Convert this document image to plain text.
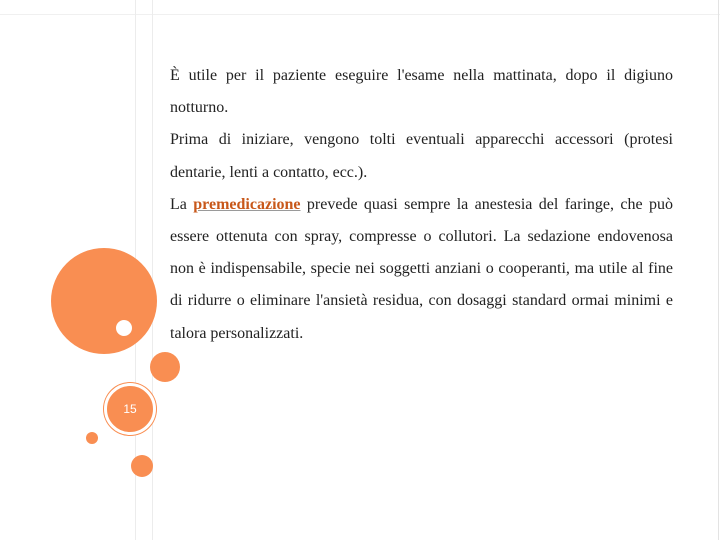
15

È utile per il paziente eseguire l'esame nella mattinata, dopo il digiuno notturno.

Prima di iniziare, vengono tolti eventuali apparecchi accessori (protesi dentarie, lenti a contatto, ecc.).

La premedicazione prevede quasi sempre la anestesia del faringe, che può essere ottenuta con spray, compresse o collutori. La sedazione endovenosa non è indispensabile, specie nei soggetti anziani o cooperanti, ma utile al fine di ridurre o eliminare l'ansietà residua, con dosaggi standard ormai minimi e talora personalizzati.
